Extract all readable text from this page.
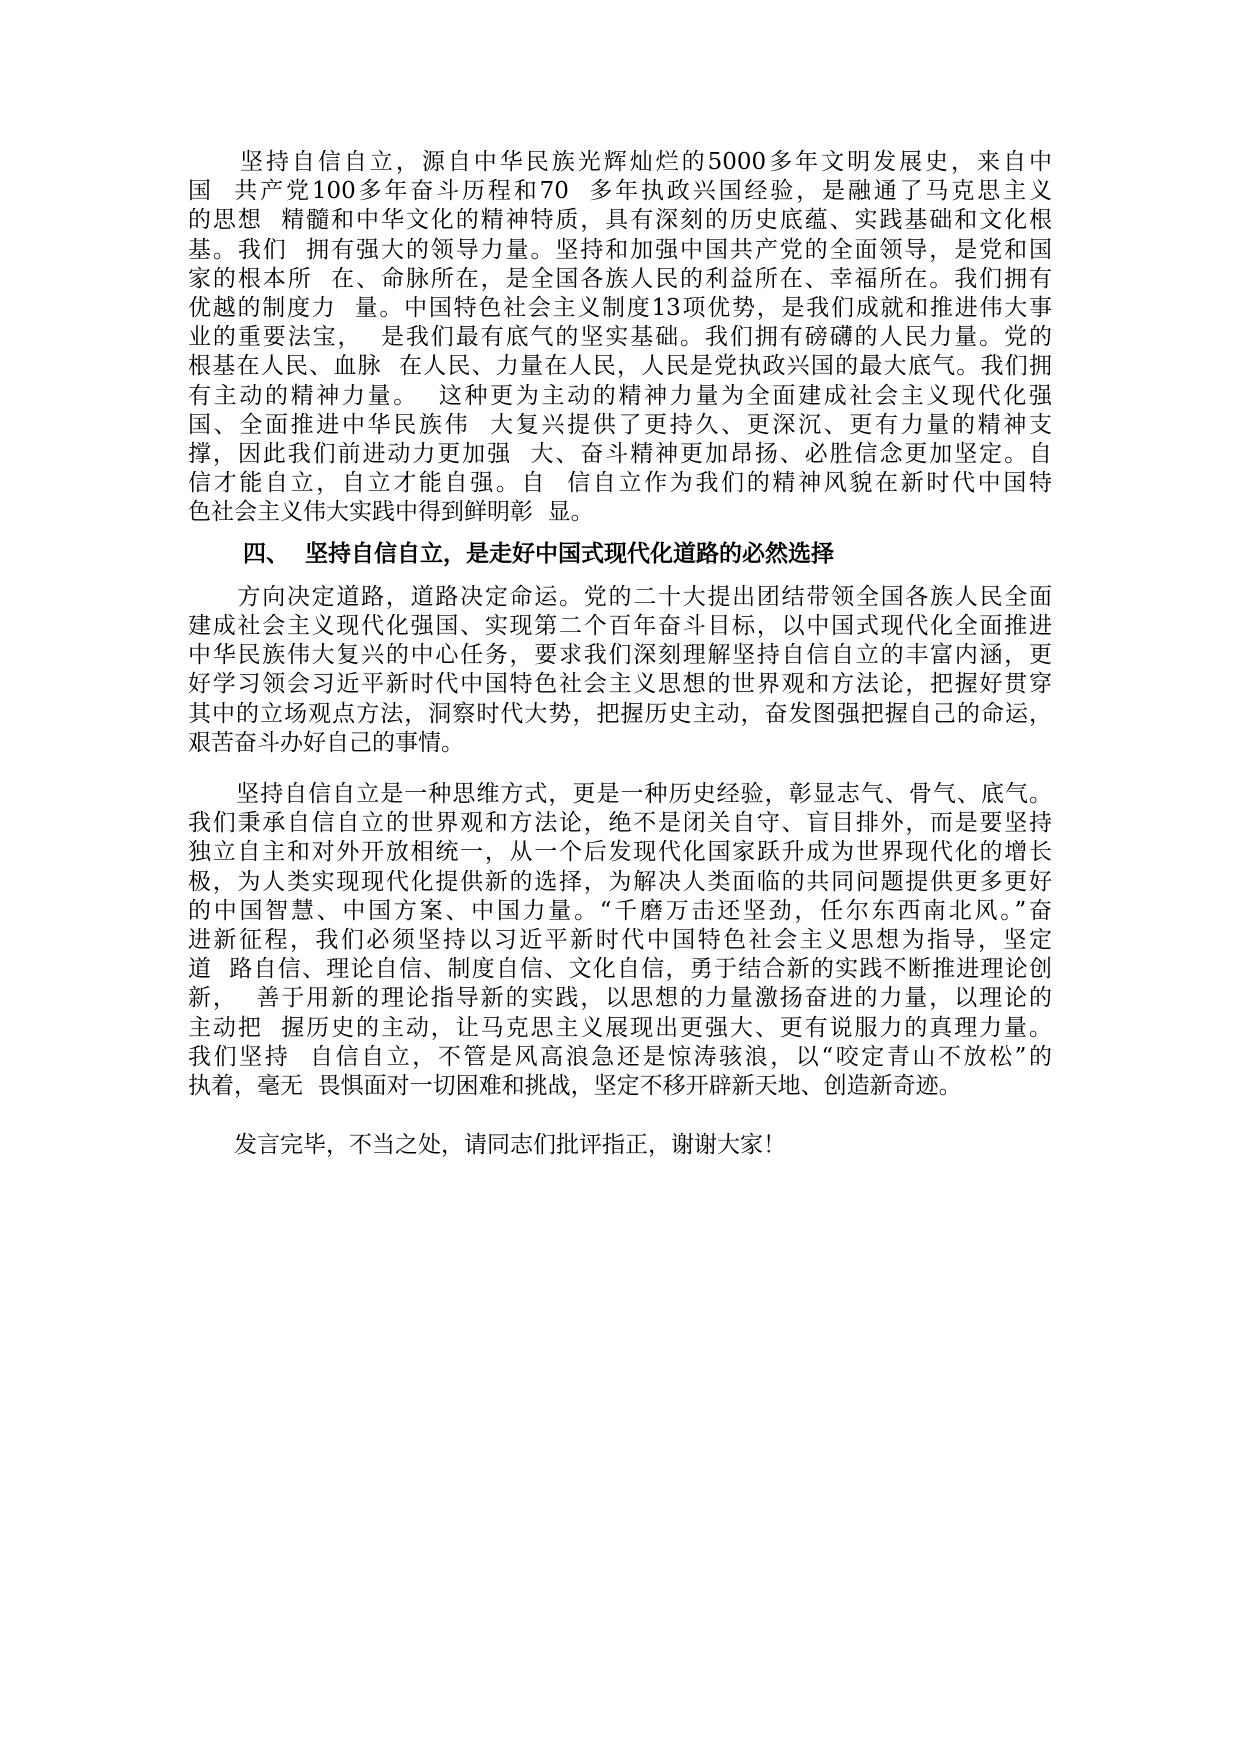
　　坚持自信自立，源自中华民族光辉灿烂的5000多年文明发展史，来自中
国  共产党100多年奋斗历程和70  多年执政兴国经验，是融通了马克思主义
的思想  精髓和中华文化的精神特质，具有深刻的历史底蕴、实践基础和文化根
基。我们  拥有强大的领导力量。坚持和加强中国共产党的全面领导，是党和国
家的根本所  在、命脉所在，是全国各族人民的利益所在、幸福所在。我们拥有
优越的制度力  量。中国特色社会主义制度13项优势，是我们成就和推进伟大事
业的重要法宝，  是我们最有底气的坚实基础。我们拥有磅礴的人民力量。党的
根基在人民、血脉  在人民、力量在人民，人民是党执政兴国的最大底气。我们拥
有主动的精神力量。  这种更为主动的精神力量为全面建成社会主义现代化强
国、全面推进中华民族伟  大复兴提供了更持久、更深沉、更有力量的精神支
撑，因此我们前进动力更加强  大、奋斗精神更加昂扬、必胜信念更加坚定。自
信才能自立，自立才能自强。自  信自立作为我们的精神风貌在新时代中国特
色社会主义伟大实践中得到鲜明彰  显。
四、  坚持自信自立，是走好中国式现代化道路的必然选择
　　方向决定道路，道路决定命运。党的二十大提出团结带领全国各族人民全面
建成社会主义现代化强国、实现第二个百年奋斗目标，以中国式现代化全面推进
中华民族伟大复兴的中心任务，要求我们深刻理解坚持自信自立的丰富内涵，更
好学习领会习近平新时代中国特色社会主义思想的世界观和方法论，把握好贯穿
其中的立场观点方法，洞察时代大势，把握历史主动，奋发图强把握自己的命运，
艰苦奋斗办好自己的事情。
　　坚持自信自立是一种思维方式，更是一种历史经验，彰显志气、骨气、底气。
我们秉承自信自立的世界观和方法论，绝不是闭关自守、盲目排外，而是要坚持
独立自主和对外开放相统一，从一个后发现代化国家跃升成为世界现代化的增长
极，为人类实现现代化提供新的选择，为解决人类面临的共同问题提供更多更好
的中国智慧、中国方案、中国力量。“千磨万击还坚劲，任尔东西南北风。”奋
进新征程，我们必须坚持以习近平新时代中国特色社会主义思想为指导，坚定
道  路自信、理论自信、制度自信、文化自信，勇于结合新的实践不断推进理论创
新，  善于用新的理论指导新的实践，以思想的力量激扬奋进的力量，以理论的
主动把  握历史的主动，让马克思主义展现出更强大、更有说服力的真理力量。
我们坚持  自信自立，不管是风高浪急还是惊涛骇浪，以“咬定青山不放松”的
执着，毫无  畏惧面对一切困难和挑战，坚定不移开辟新天地、创造新奇迹。
　　发言完毕，不当之处，请同志们批评指正，谢谢大家！
